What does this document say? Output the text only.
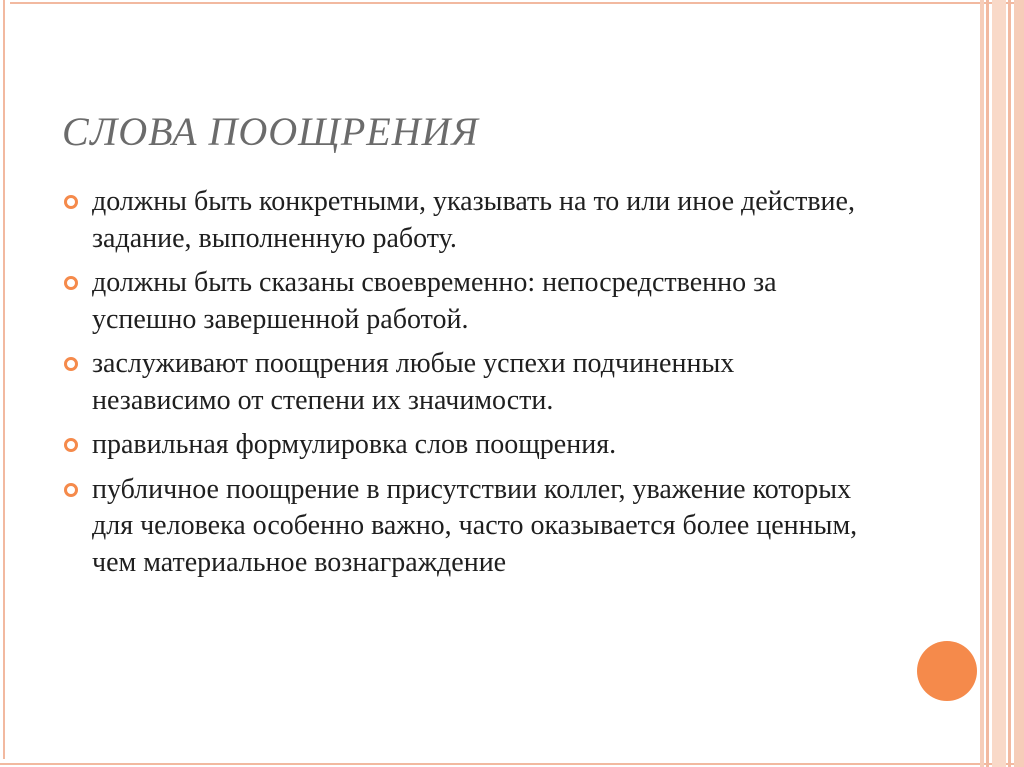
СЛОВА ПООЩРЕНИЯ
должны быть конкретными, указывать на то или иное действие, задание, выполненную работу.
должны быть сказаны своевременно: непосредственно за успешно завершенной работой.
заслуживают поощрения любые успехи подчиненных независимо от степени их значимости.
правильная формулировка слов поощрения.
публичное поощрение в присутствии коллег, уважение которых для человека особенно важно, часто оказывается более ценным, чем материальное вознаграждение
